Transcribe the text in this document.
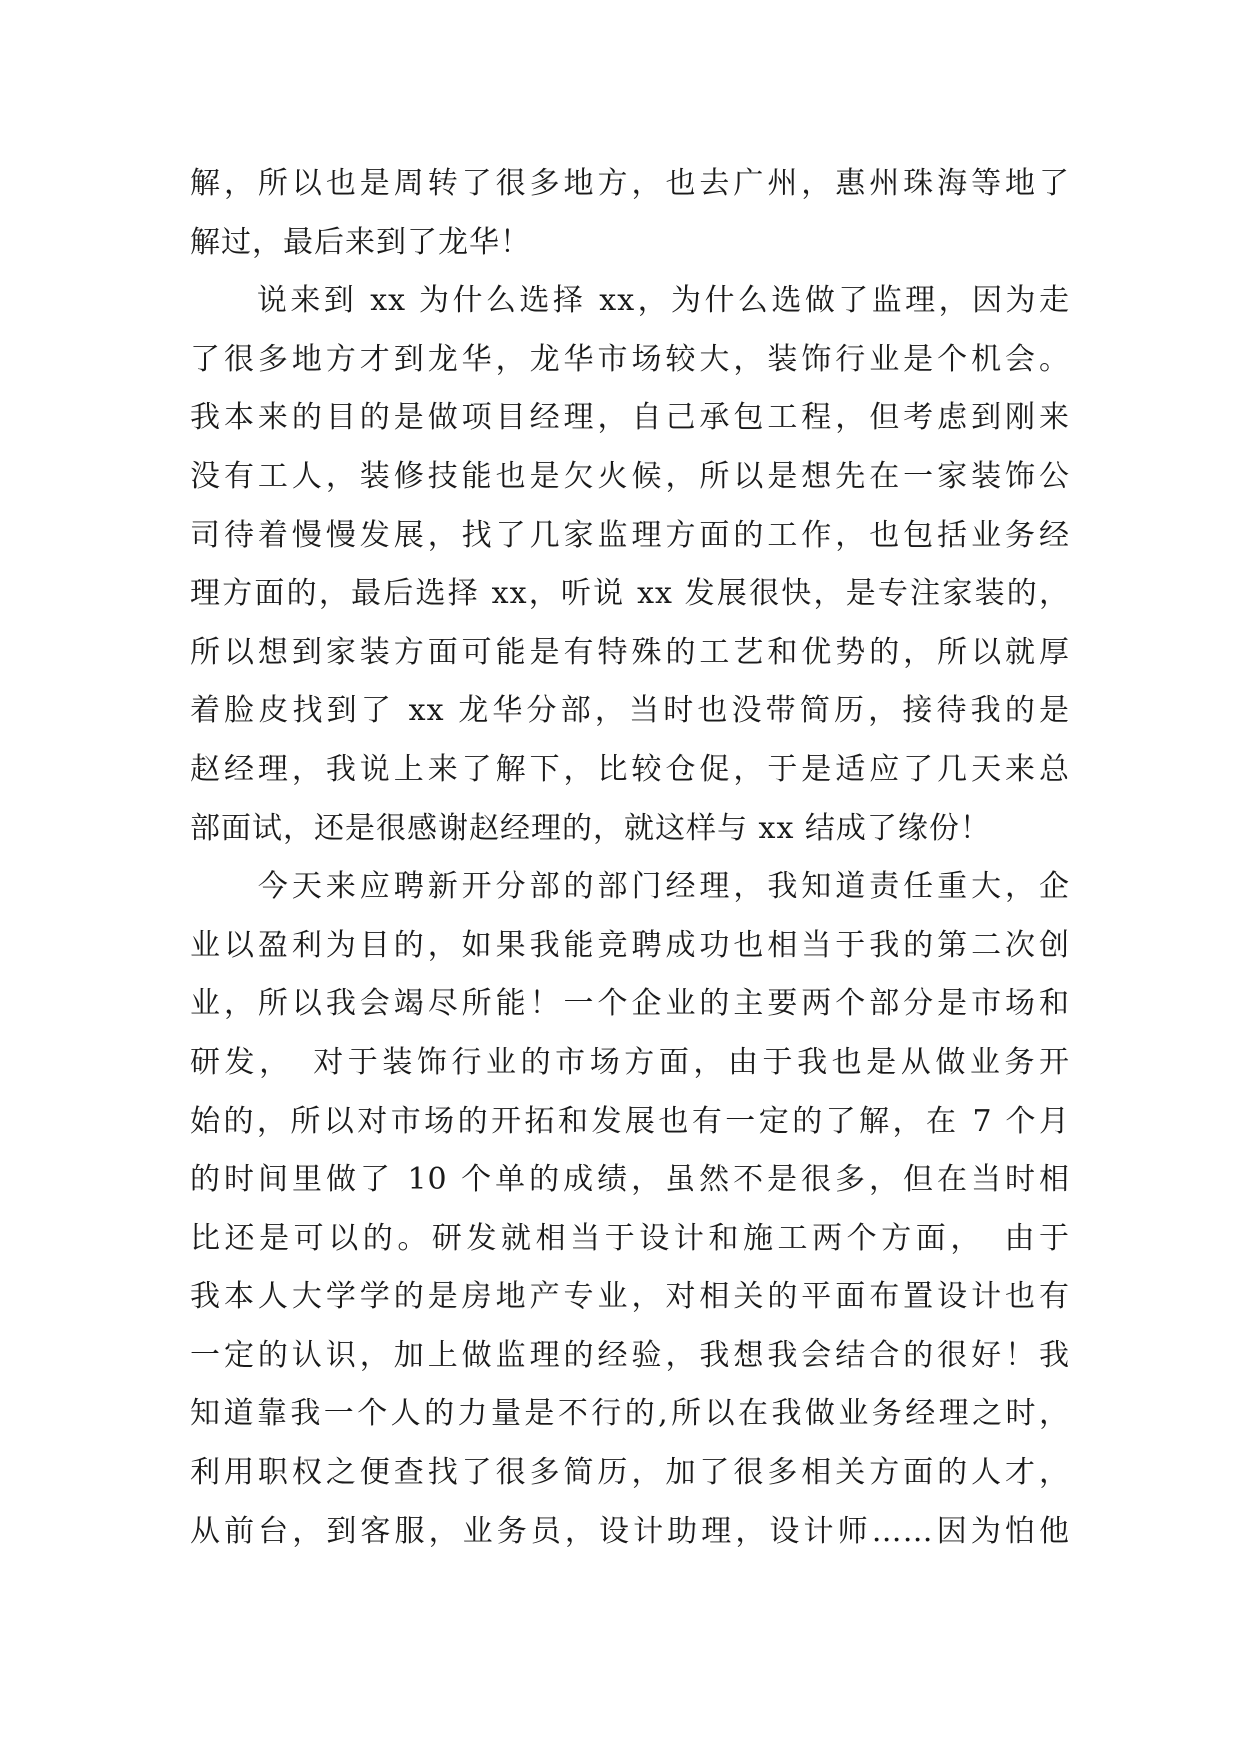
解，所以也是周转了很多地方，也去广州，惠州珠海等地了
解过，最后来到了龙华！
　　说来到 xx 为什么选择 xx，为什么选做了监理，因为走
了很多地方才到龙华，龙华市场较大，装饰行业是个机会。
我本来的目的是做项目经理，自己承包工程，但考虑到刚来
没有工人，装修技能也是欠火候，所以是想先在一家装饰公
司待着慢慢发展，找了几家监理方面的工作，也包括业务经
理方面的，最后选择 xx，听说 xx 发展很快，是专注家装的，
所以想到家装方面可能是有特殊的工艺和优势的，所以就厚
着脸皮找到了 xx 龙华分部，当时也没带简历，接待我的是
赵经理，我说上来了解下，比较仓促，于是适应了几天来总
部面试，还是很感谢赵经理的，就这样与 xx 结成了缘份！
　　今天来应聘新开分部的部门经理，我知道责任重大，企
业以盈利为目的，如果我能竞聘成功也相当于我的第二次创
业，所以我会竭尽所能！一个企业的主要两个部分是市场和
研发，　对于装饰行业的市场方面，由于我也是从做业务开
始的，所以对市场的开拓和发展也有一定的了解，在 7 个月
的时间里做了 10 个单的成绩，虽然不是很多，但在当时相
比还是可以的。研发就相当于设计和施工两个方面，　由于
我本人大学学的是房地产专业，对相关的平面布置设计也有
一定的认识，加上做监理的经验，我想我会结合的很好！我
知道靠我一个人的力量是不行的,所以在我做业务经理之时，
利用职权之便查找了很多简历，加了很多相关方面的人才，
从前台，到客服，业务员，设计助理，设计师……因为怕他
